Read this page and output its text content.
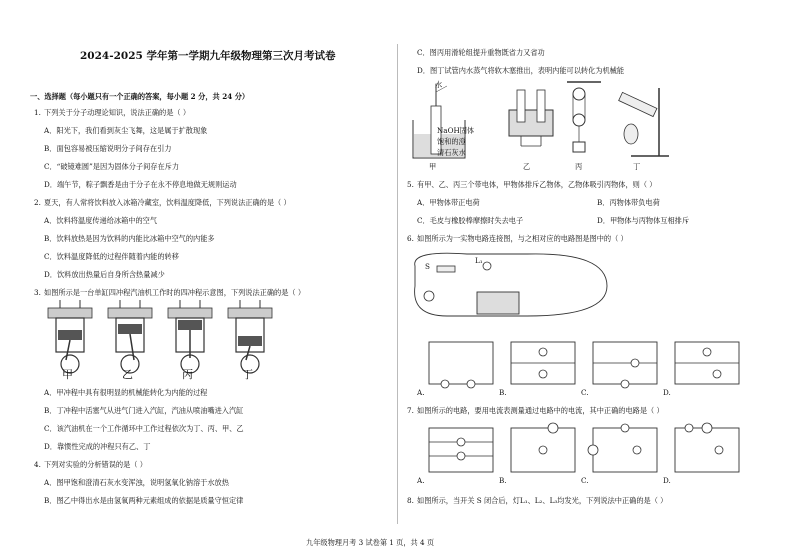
2024-2025 学年第一学期九年级物理第三次月考试卷
一、选择题（每小题只有一个正确的答案，每小题 2 分，共 24 分）
1. 下列关于分子动理论知识，说法正确的是（ ）
A．阳光下，我们看到灰尘飞舞，这是属于扩散现象
B．面包容易被压缩说明分子间存在引力
C．“破镜难圆”是因为固体分子间存在斥力
D．端午节，粽子飘香是由于分子在永不停息地做无规则运动
2. 夏天，有人常将饮料放入冰箱冷藏室，饮料温度降低，下列说法正确的是（ ）
A．饮料将温度传递给冰箱中的空气
B．饮料放热是因为饮料的内能比冰箱中空气的内能多
C．饮料温度降低的过程伴随着内能的转移
D．饮料放出热量后自身所含热量减少
3. 如图所示是一台单缸四冲程汽油机工作时的四冲程示意图，下列说法正确的是（ ）
甲	乙	丙	丁
A．甲冲程中具有很明显的机械能转化为内能的过程
B．丁冲程中活塞气从进气门进入汽缸，汽油从喷油嘴进入汽缸
C．该汽油机在一个工作循环中工作过程依次为丁、丙、甲、乙
D．靠惯性完成的冲程只有乙、丁
4. 下列对实验的分析错误的是（ ）
A．图甲饱和澄清石灰水变浑浊，说明氢氧化钠溶于水放热
B．图乙中得出水是由氢氧两种元素组成的依据是质量守恒定律
C．图丙用滑轮组提升重物既省力又省功
D．图丁试管内水蒸气将软木塞推出，表明内能可以转化为机械能
水
NaOH固体
饱和的澄
清石灰水
甲	乙	丙	丁
5. 有甲、乙、丙三个带电体，甲物体排斥乙物体，乙物体吸引丙物体，则（ ）
A．甲物体带正电荷	B．丙物体带负电荷
C．毛皮与橡胶棒摩擦时失去电子	D．甲物体与丙物体互相排斥
6. 如图所示为一实物电路连接图，与之相对应的电路图是图中的（ ）
S
L₁
A.	B.	C.	D.
7. 如图所示的电路，要用电流表测量通过电路中的电流，其中正确的电路是（ ）
A.	B.	C.	D.
8. 如图所示，当开关 S 闭合后，灯L₁、L₂、L₃均发光，下列说法中正确的是（ ）
九年级物理月考 3 试卷第 1 页，共 4 页
